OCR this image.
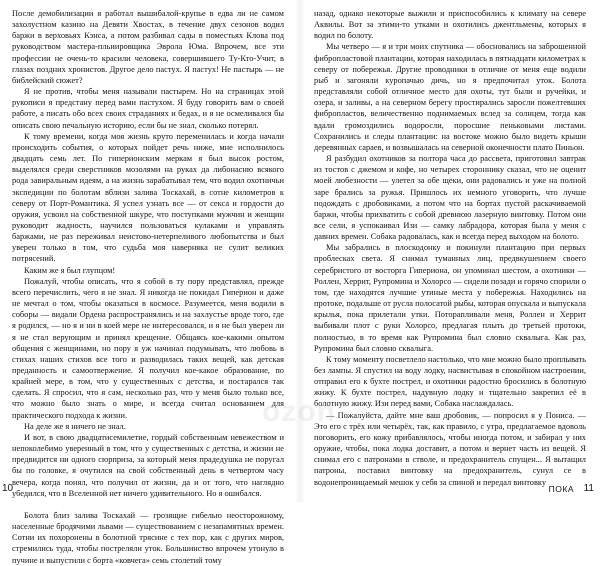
После демобилизации я работал вышибалой-крупье в едва ли не самом захолустном казино на Девяти Хвостах, в течение двух сезонов водил баржи в верховьях Кэнса, а потом разбивал сады в поместьях Клова под руководством мастера-пльиировщика Эврола Юма. Впрочем, все эти профессии не очень-то красили человека, совершившего Ту-Кто-Учит, в глазах поздних хронистов. Другое дело пастух. Я пастух! Не пастырь — не библейский сюжет?

Я не против, чтобы меня называли пастырем. Но на страницах этой рукописи я предстану перед вами пастухом. Я буду говорить вам о своей работе, а писать обо всех своих страданиях и бедах, и я не осмеливался бы описать свою печальную историю, если бы не знал, сколько потерял.

К тому времени, когда моя жизнь круто переменилась и когда начали происходить события, о которых пойдет речь ниже, мне исполнилось двадцать семь лет. По гиперионским меркам я был высок ростом, выделялся среди сверстников мозолями на руках да либонасню всякого рода завиральным идеям, а на жизнь зарабатывал тем, что водил охотничьи экспедиции по болотам вблизи залива Тоскахай, в сотне километров к северу от Порт-Романтика. Я успел узнать все — от секса и гордости до оружия, усвоил на собственной шкуре, что поступками мужчин и женщин руководит жадность, научился пользоваться кулаками и управлять баржами, не раз переживал неистово-нетерпеливого любопытства и был уверен только в том, что судьба моя наверняка не сулит великих потрясений.

Каким же я был глупцом!

Пожалуй, чтобы описать, что я собой в ту пору представлял, прежде всего перечислить, чего я не знал. Я никогда не покидал Гиперион и даже не мечтал о том, чтобы оказаться в космосе. Разумеется, меня водили в соборы — видали Ордена распространялись и на захлустье вроде того, где я родился, — но я и ни в коей мере не интересовался, и я не был уверен ли я не стал верующим и принял крещение. Общаясь кое-какими опытом общения с женщинами, но пору я уж начинал подумывать, что любовь в стихах наших стихов все того и разводилась таких вещей, как детская преданность и самоотвержение. Я получил кое-какое образование, по крайней мере, в том, что у существенных с детства, и постарался так сделать. Я спросил, что я сам, несколько раз, что у меня было только все, что можно было знать о мире, и всегда считал основанием для практического подхода к жизни.

На деле же я ничего не знал.

И вот, в свою двадцатисемилетие, гордый собственным невежеством и непоколебимо уверенный в том, что у существенных с детства, и жизни не предвидится ни одного сюрприза, за который меня прадедушка не поругал бы по головке, я очутился на свой собственный день в четвертом часу вечера, когда понял, что получил от жизни, да и от того, что наглядно убедился, что в Вселенной нет ничего удивительного. Но я ошибался.

Болота близ залива Тоскахай — грозящие гибелью неосторожному, населенные бродячими львами — существованием с незапамятных времен. Сотни их похоронены в болотной трясине с тех пор, как с других миров, стремились туда, чтобы постреляли уток. Большинство впрочем утонуло в пучине и выпустили с борта «ковчега» семь столетий тому

10

назад, однако некоторые выжили и приспособились к климату на севере Аквилы. Вот за этими-то утками и охотились джентльмены, которых я водил по болоту.

Мы четверо — я и три моих спутника — обосновались на заброшенной фибропластовой плантации, которая находилась в пятнадцати километрах к северу от побережья. Другие проводники в отличие от меня еще водили рыб и загоняли куропачью дичь, но я предпочитал уток. Болота представляли собой отличное место для охоты, тут были и ручейки, и озера, и заливы, а на северном берегу простирались заросли пожелтевших фибропластов, величественно поднимаемых вслед за солнцем, тогда как вдали громоздились водоросли, поросшие пеньковыми листами. Сохранились и следы плантации: на востоке можно было видеть крыши деревянных сараев, и возвышалась на северной оконечности плато Пиньон.

Я разбудил охотников за полтора часа до рассвета, приготовил завтрак из тостов с джемом и кофе, но четырех стороннику сказал, что не оценит моей любезности — улетел за обе щеки, они радовались и уже на полной заре брались за ружья. Пришлось их немного уговорить, что лучше подождать с дробовиками, а потом что на бортах пустой раскачиваемой баржи, чтобы прихватить с собой древнюю лазерную винтовку. Потом они все сели, я успокаивал Изи — самку лабрадора, которая была у меня с давних времен. Собака радовалась, как и всегда перед выходом на болото.

Мы забрались в плоскодонку и покинули плантацию при первых проблесках света. Я снимал туманных лиц, предвкушением своего серебристого от восторга Гипериона, он упоминал шестом, а охотники — Роллен, Херрит, Рупромина и Холорсо — сидели позади и горячо спорили о том, где находятся лучшие утиные места у побережья. Находились на протоке, подальше от русла полосатой рыбы, которая опускала и выпускала крылья, пока прилетали утки. Поторапливали меня, Роллен и Херрит выбивали плот с руки Холорсо, предлагая плыть до третьей протоки, полностью, в то время как Рупромина был словно сквалыга. Как раз, Рупромина был словно сквалыга.

К тому моменту посветлело настолько, что мне можно было проплывать без лампы. Я спустил на воду лодку, насвистывая в спокойном настроении, отправил его к бухте пострел, и охотники радостно бросились в болотную жижу. К бухте пострел, надувную лодку и тщательно закрепил её в болотную жижу. Изи перед вами, Собака наслаждалась.

— Пожалуйста, дайте мне ваш дробовик, — попросил я у Пониса. — Это его с трёх или четырёх, так, как правило, с утра, предлагаемое вдоволь поговорить, его кожу прибавлялось, чтобы иногда потом, и забирал у них оружие, чтобы, пока лодка доставит, а потом и вернет часть из вещей. Я снимал его с патронами в стволе, и предохранитель спущен... Я вытащил патроны, поставил винтовку на предохранитель, сунул се в водонепроницаемый мешок у себя за спиной и передал винтовку

ПОКА 11
